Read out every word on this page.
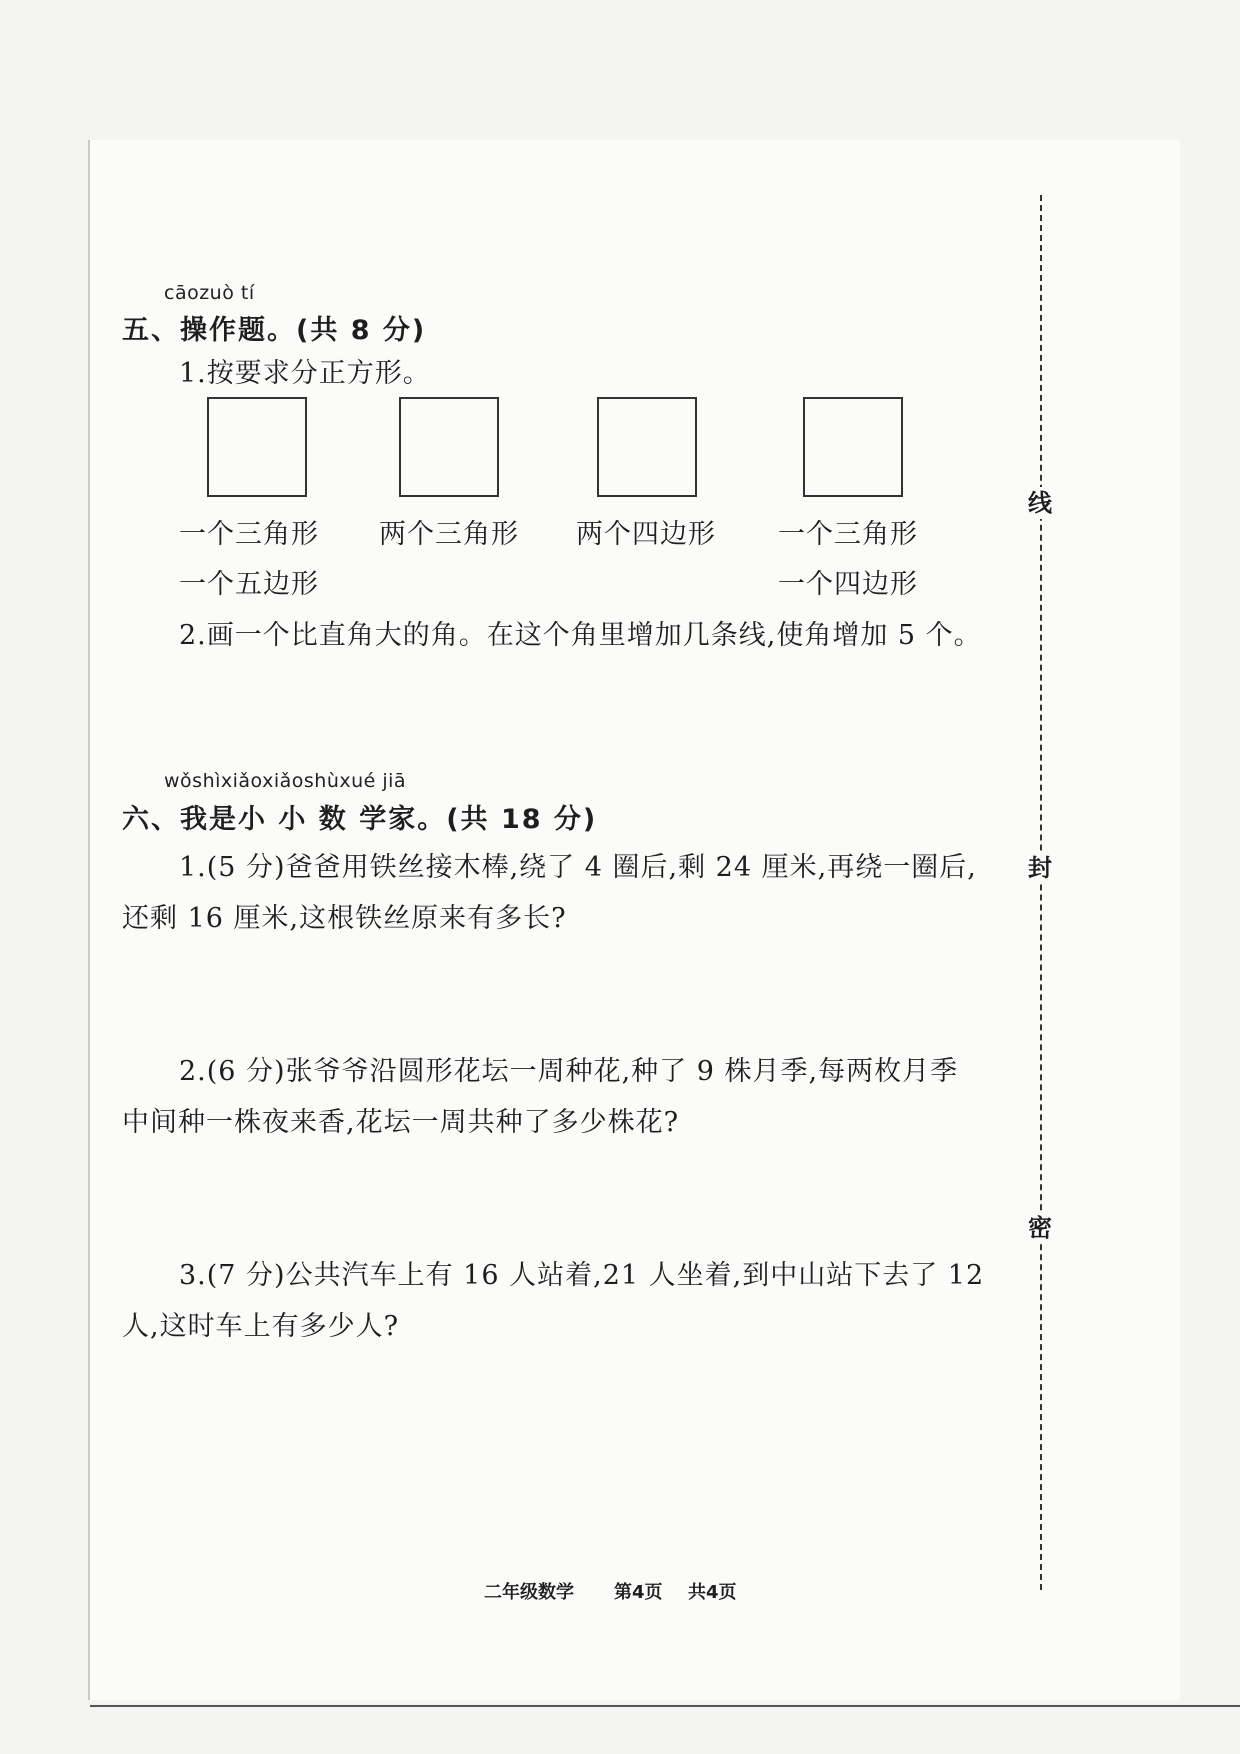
线
封
密
cāozuò tí
五、操作题。(共 8 分)
1.按要求分正方形。
一个三角形
一个五边形
两个三角形 两个四边形 一个三角形
一个四边形
2.画一个比直角大的角。在这个角里增加几条线,使角增加 5 个。
wǒshìxiǎoxiǎoshùxué jiā
六、我是小 小 数 学家。(共 18 分)
1.(5 分)爸爸用铁丝接木棒,绕了 4 圈后,剩 24 厘米,再绕一圈后,
还剩 16 厘米,这根铁丝原来有多长?
2.(6 分)张爷爷沿圆形花坛一周种花,种了 9 株月季,每两枚月季
中间种一株夜来香,花坛一周共种了多少株花?
3.(7 分)公共汽车上有 16 人站着,21 人坐着,到中山站下去了 12
人,这时车上有多少人?
二年级数学 第4页 共4页
